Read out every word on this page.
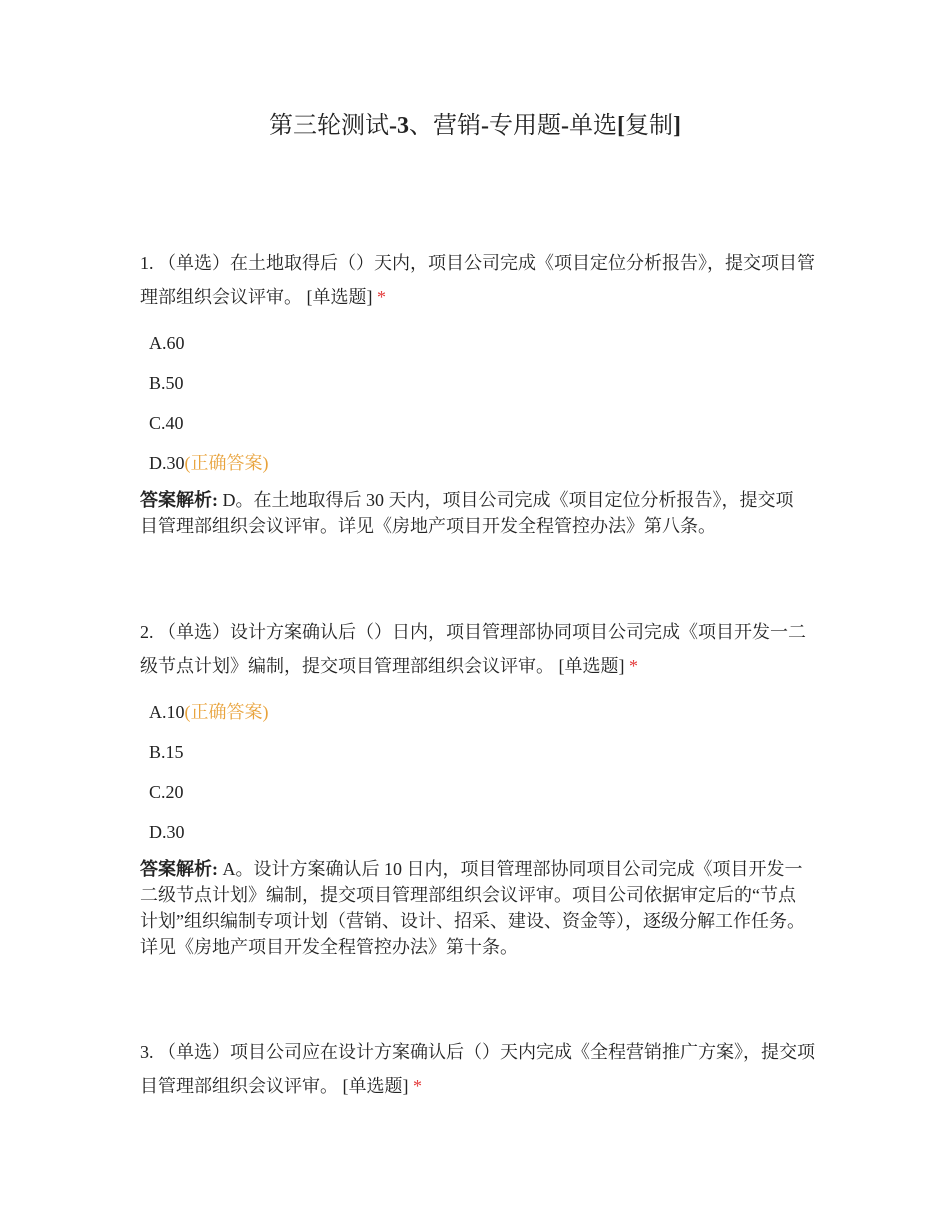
第三轮测试-3、营销-专用题-单选[复制]

1. （单选）在土地取得后（）天内，项目公司完成《项目定位分析报告》，提交项目管理部组织会议评审。 [单选题] *

A.60
B.50
C.40
D.30(正确答案)

答案解析: D。在土地取得后 30 天内，项目公司完成《项目定位分析报告》，提交项目管理部组织会议评审。详见《房地产项目开发全程管控办法》第八条。

2. （单选）设计方案确认后（）日内，项目管理部协同项目公司完成《项目开发一二级节点计划》编制，提交项目管理部组织会议评审。 [单选题] *

A.10(正确答案)
B.15
C.20
D.30

答案解析: A。设计方案确认后 10 日内，项目管理部协同项目公司完成《项目开发一二级节点计划》编制，提交项目管理部组织会议评审。项目公司依据审定后的“节点计划”组织编制专项计划（营销、设计、招采、建设、资金等），逐级分解工作任务。详见《房地产项目开发全程管控办法》第十条。

3. （单选）项目公司应在设计方案确认后（）天内完成《全程营销推广方案》，提交项目管理部组织会议评审。 [单选题] *
